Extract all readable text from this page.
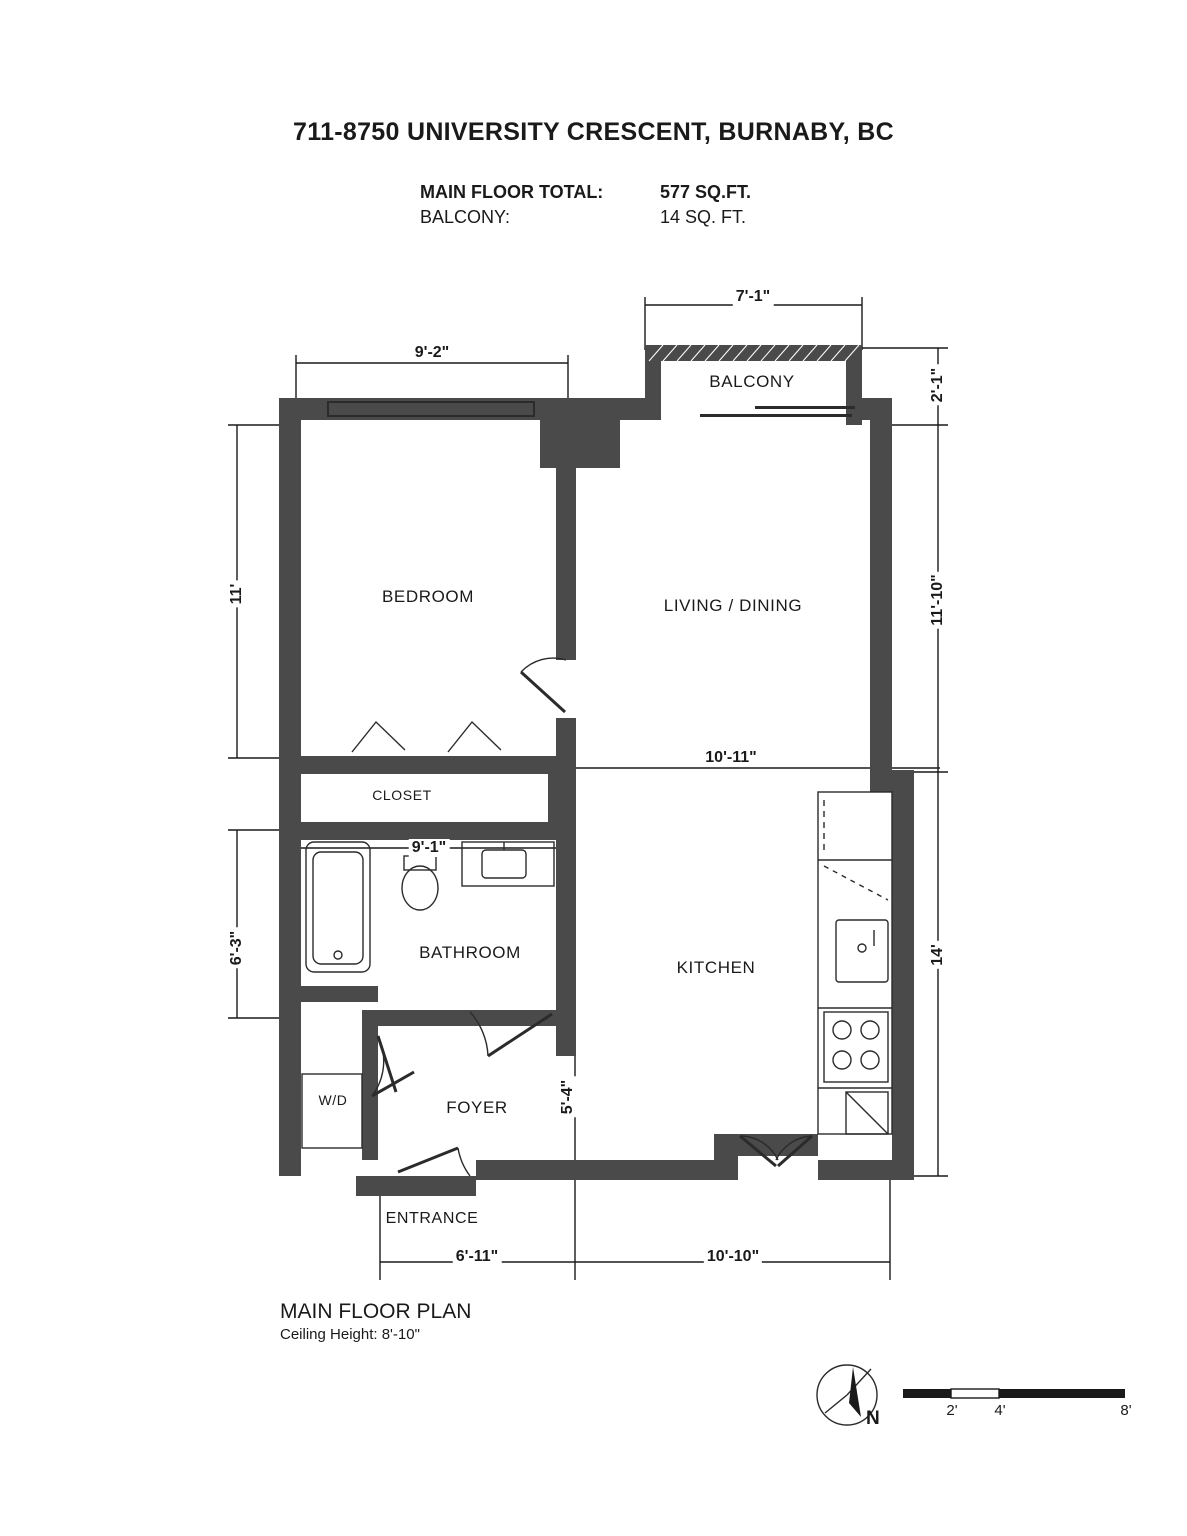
711-8750 UNIVERSITY CRESCENT, BURNABY, BC
MAIN FLOOR TOTAL:	577 SQ.FT.
BALCONY:	14 SQ. FT.
BALCONY
BEDROOM	LIVING / DINING
CLOSET
BATHROOM
KITCHEN
FOYER
W/D
ENTRANCE
7'-1"
2'-1"
9'-2"
11'	11'-10"
10'-11"
14'
6'-3"
9'-1"
5'-4"
6'-11"	10'-10"
MAIN FLOOR PLAN
Ceiling Height: 8'-10"
N	2' 4'	8'
